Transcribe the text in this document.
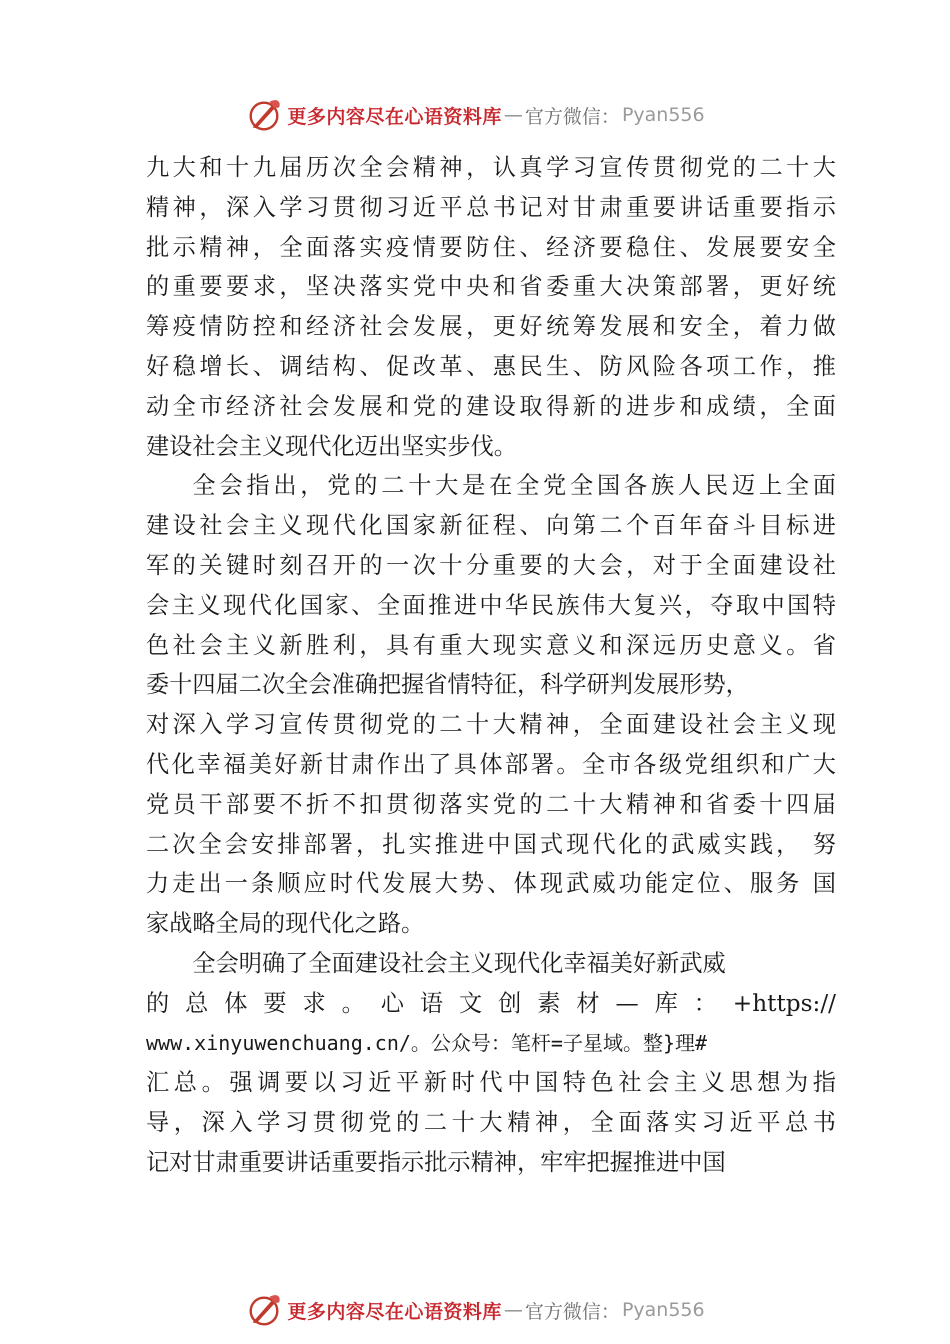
更多内容尽在心语资料库 — 官方微信： Pyan556

九大和十九届历次全会精神，认真学习宣传贯彻党的二十大

精神，深入学习贯彻习近平总书记对甘肃重要讲话重要指示

批示精神，全面落实疫情要防住、经济要稳住、发展要安全

的重要要求，坚决落实党中央和省委重大决策部署，更好统

筹疫情防控和经济社会发展，更好统筹发展和安全，着力做

好稳增长、调结构、促改革、惠民生、防风险各项工作，推

动全市经济社会发展和党的建设取得新的进步和成绩，全面

建设社会主义现代化迈出坚实步伐。

全会指出，党的二十大是在全党全国各族人民迈上全面

建设社会主义现代化国家新征程、向第二个百年奋斗目标进

军的关键时刻召开的一次十分重要的大会，对于全面建设社

会主义现代化国家、全面推进中华民族伟大复兴，夺取中国特

色社会主义新胜利，具有重大现实意义和深远历史意义。省

委十四届二次全会准确把握省情特征，科学研判发展形势，

对深入学习宣传贯彻党的二十大精神，全面建设社会主义现

代化幸福美好新甘肃作出了具体部署。全市各级党组织和广大

党员干部要不折不扣贯彻落实党的二十大精神和省委十四届

二次全会安排部署，扎实推进中国式现代化的武威实践， 努

力走出一条顺应时代发展大势、体现武威功能定位、服务 国

家战略全局的现代化之路。

全会明确了全面建设社会主义现代化幸福美好新武威

的总体要求。心语文创素材—库：+https://

www.xinyuwenchuang.cn/。公众号：笔杆=子星域。整}理#

汇总。强调要以习近平新时代中国特色社会主义思想为指

导，深入学习贯彻党的二十大精神，全面落实习近平总书

记对甘肃重要讲话重要指示批示精神，牢牢把握推进中国

更多内容尽在心语资料库 — 官方微信： Pyan556
